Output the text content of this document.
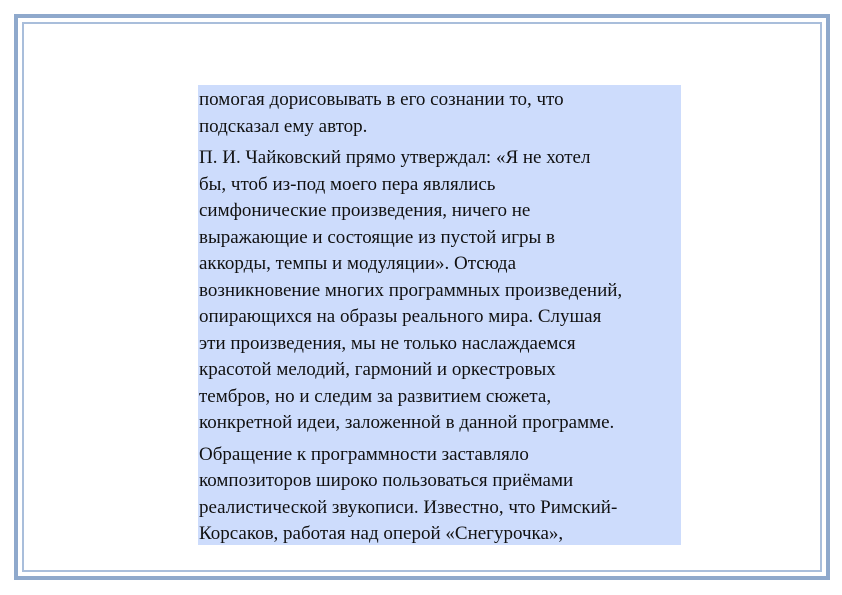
помогая дорисовывать в его сознании то, что
подсказал ему автор.

П. И. Чайковский прямо утверждал: «Я не хотел
бы, чтоб из-под моего пера являлись
симфонические произведения, ничего не
выражающие и состоящие из пустой игры в
аккорды, темпы и модуляции». Отсюда
возникновение многих программных произведений,
опирающихся на образы реального мира. Слушая
эти произведения, мы не только наслаждаемся
красотой мелодий, гармоний и оркестровых
тембров, но и следим за развитием сюжета,
конкретной идеи, заложенной в данной программе.

Обращение к программности заставляло
композиторов широко пользоваться приёмами
реалистической звукописи. Известно, что Римский-
Корсаков, работая над оперой «Снегурочка»,
